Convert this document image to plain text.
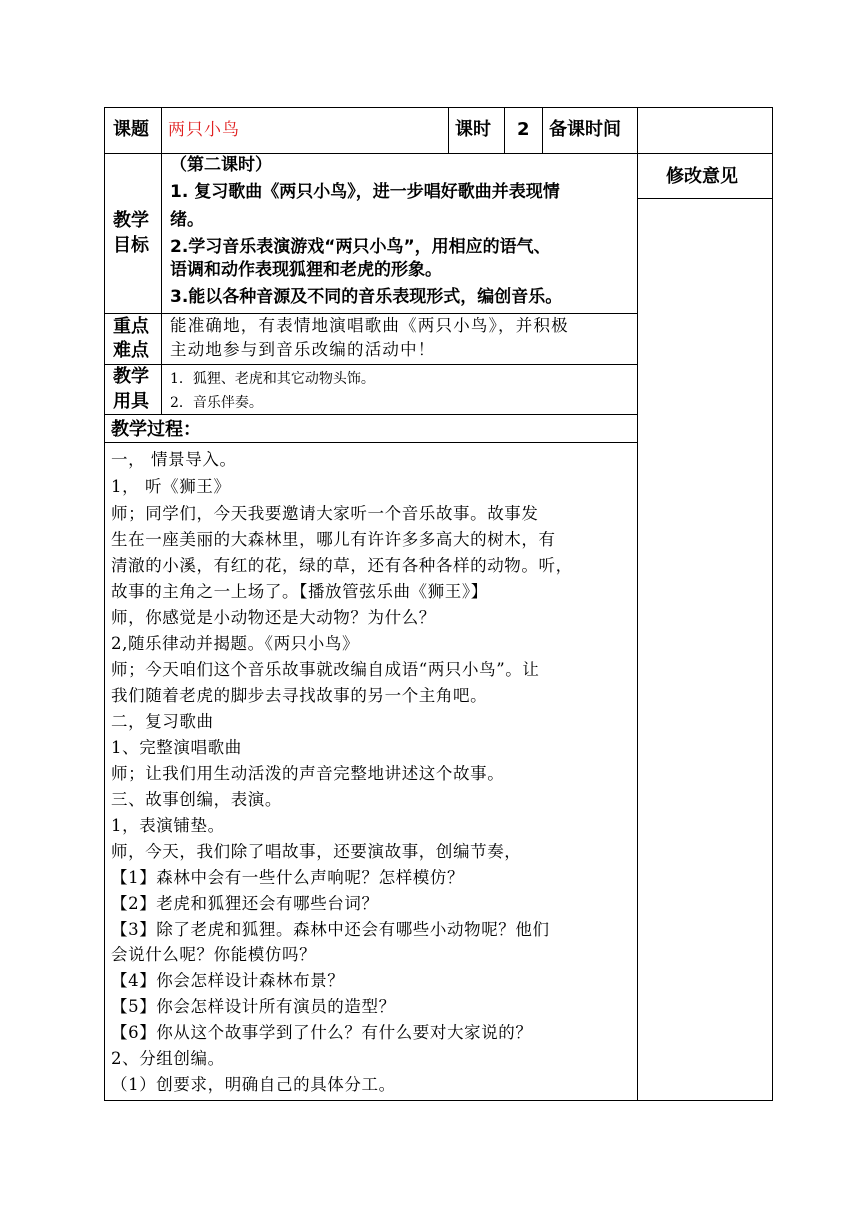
课题 两只小鸟	课时 2 备课时间
修改意见
教学
目标
（第二课时）
1. 复习歌曲《两只小鸟》，进一步唱好歌曲并表现情
绪。
2.学习音乐表演游戏“两只小鸟”，用相应的语气、
语调和动作表现狐狸和老虎的形象。
3.能以各种音源及不同的音乐表现形式，编创音乐。
重点
难点
能准确地，有表情地演唱歌曲《两只小鸟》，并积极
主动地参与到音乐改编的活动中！
教学
用具
1．狐狸、老虎和其它动物头饰。
2．音乐伴奏。
教学过程：
一， 情景导入。
1， 听《狮王》
师；同学们，今天我要邀请大家听一个音乐故事。故事发
生在一座美丽的大森林里，哪儿有许许多多高大的树木，有
清澈的小溪，有红的花，绿的草，还有各种各样的动物。听，
故事的主角之一上场了。【播放管弦乐曲《狮王》】
师，你感觉是小动物还是大动物？为什么？
2,随乐律动并揭题。《两只小鸟》
师；今天咱们这个音乐故事就改编自成语“两只小鸟”。让
我们随着老虎的脚步去寻找故事的另一个主角吧。
二，复习歌曲
1、完整演唱歌曲
师；让我们用生动活泼的声音完整地讲述这个故事。
三、故事创编，表演。
1，表演铺垫。
师，今天，我们除了唱故事，还要演故事，创编节奏，
【1】森林中会有一些什么声响呢？怎样模仿？
【2】老虎和狐狸还会有哪些台词？
【3】除了老虎和狐狸。森林中还会有哪些小动物呢？他们
会说什么呢？你能模仿吗？
【4】你会怎样设计森林布景？
【5】你会怎样设计所有演员的造型？
【6】你从这个故事学到了什么？有什么要对大家说的？
2、分组创编。
（1）创要求，明确自己的具体分工。
